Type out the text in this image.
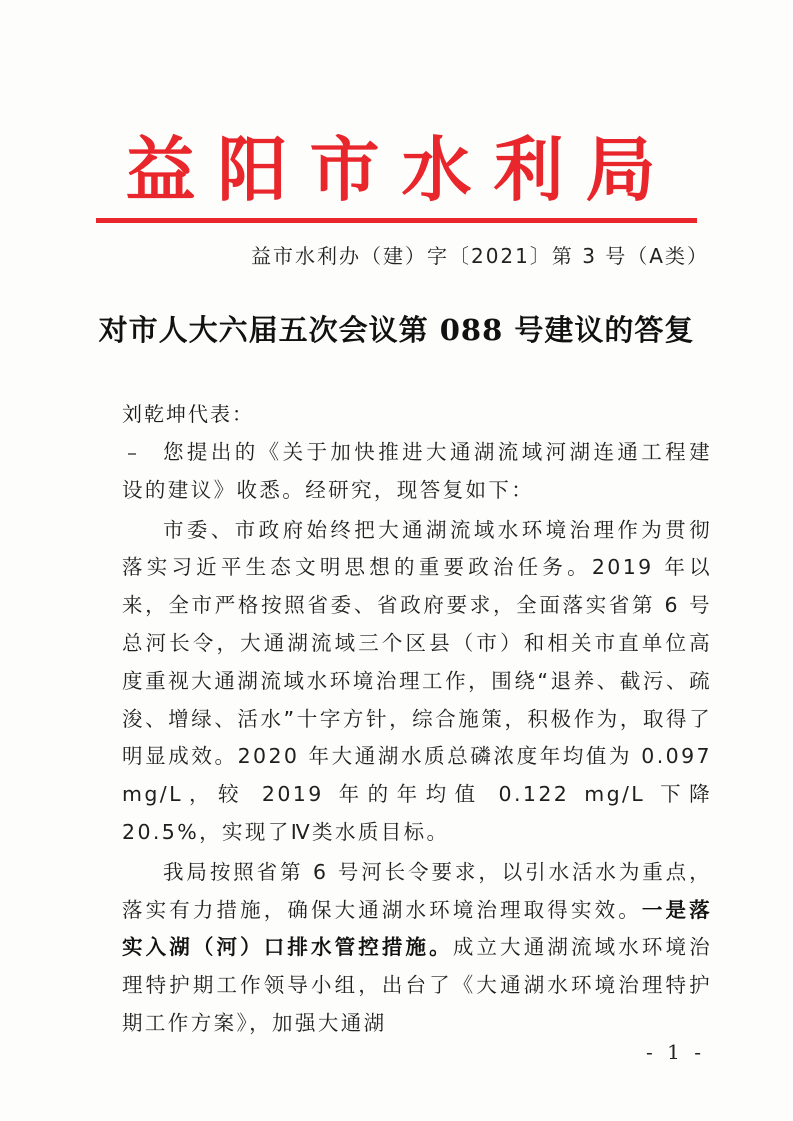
益阳市水利局
益市水利办（建）字〔2021〕第 3 号（A类）
对市人大六届五次会议第 088 号建议的答复
刘乾坤代表：

您提出的《关于加快推进大通湖流域河湖连通工程建设的建议》收悉。经研究，现答复如下：

市委、市政府始终把大通湖流域水环境治理作为贯彻落实习近平生态文明思想的重要政治任务。2019 年以来，全市严格按照省委、省政府要求，全面落实省第 6 号总河长令，大通湖流域三个区县（市）和相关市直单位高度重视大通湖流域水环境治理工作，围绕“退养、截污、疏浚、增绿、活水”十字方针，综合施策，积极作为，取得了明显成效。2020 年大通湖水质总磷浓度年均值为 0.097 mg/L，较 2019 年的年均值 0.122 mg/L 下降 20.5%，实现了Ⅳ类水质目标。

我局按照省第 6 号河长令要求，以引水活水为重点，落实有力措施，确保大通湖水环境治理取得实效。一是落实入湖（河）口排水管控措施。成立大通湖流域水环境治理特护期工作领导小组，出台了《大通湖水环境治理特护期工作方案》，加强大通湖

- 1 -
